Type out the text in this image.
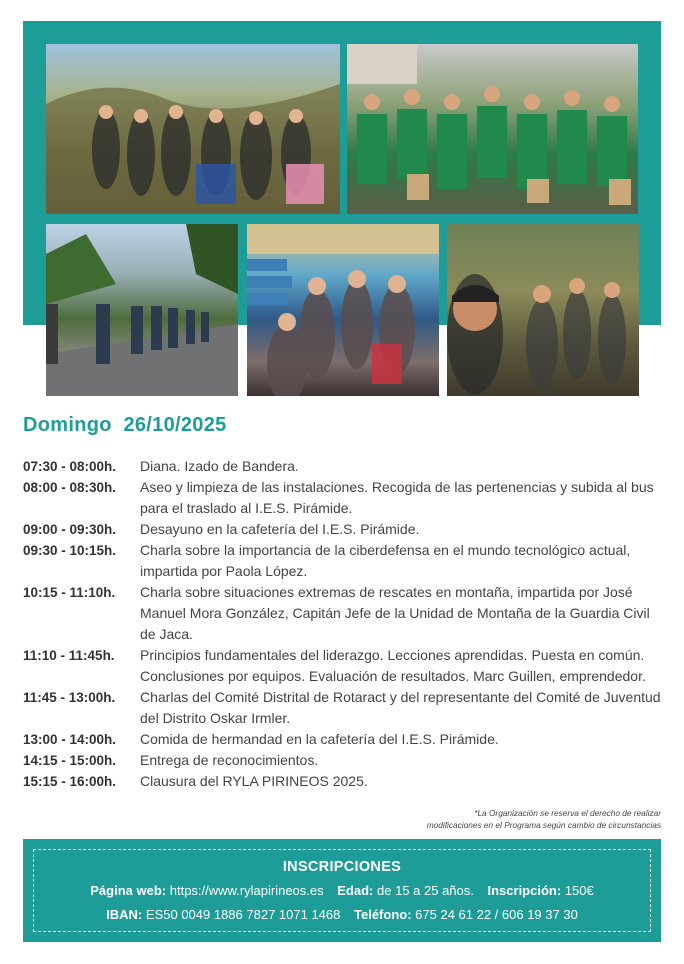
Domingo  26/10/2025
07:30 - 08:00h.	Diana. Izado de Bandera.
08:00 - 08:30h.	Aseo y limpieza de las instalaciones. Recogida de las pertenencias y subida al bus para el traslado al I.E.S. Pirámide.
09:00 - 09:30h.	Desayuno en la cafetería del I.E.S. Pirámide.
09:30 - 10:15h.	Charla sobre la importancia de la ciberdefensa en el mundo tecnológico actual, impartida por Paola López.
10:15 - 11:10h.	Charla sobre situaciones extremas de rescates en montaña, impartida por José Manuel Mora González, Capitán Jefe de la Unidad de Montaña de la Guardia Civil de Jaca.
11:10 - 11:45h.	Principios fundamentales del liderazgo. Lecciones aprendidas. Puesta en común. Conclusiones por equipos. Evaluación de resultados. Marc Guillen, emprendedor.
11:45 - 13:00h.	Charlas del Comité Distrital de Rotaract y del representante del Comité de Juventud del Distrito Oskar Irmler.
13:00 - 14:00h.	Comida de hermandad en la cafetería del I.E.S. Pirámide.
14:15 - 15:00h.	Entrega de reconocimientos.
15:15 - 16:00h.	Clausura del RYLA PIRINEOS 2025.
*La Organización se reserva el derecho de realizar
modificaciones en el Programa según cambio de circunstancias
INSCRIPCIONES
Página web: https://www.rylapirineos.es Edad: de 15 a 25 años. Inscripción: 150€
IBAN: ES50 0049 1886 7827 1071 1468 Teléfono: 675 24 61 22 / 606 19 37 30
